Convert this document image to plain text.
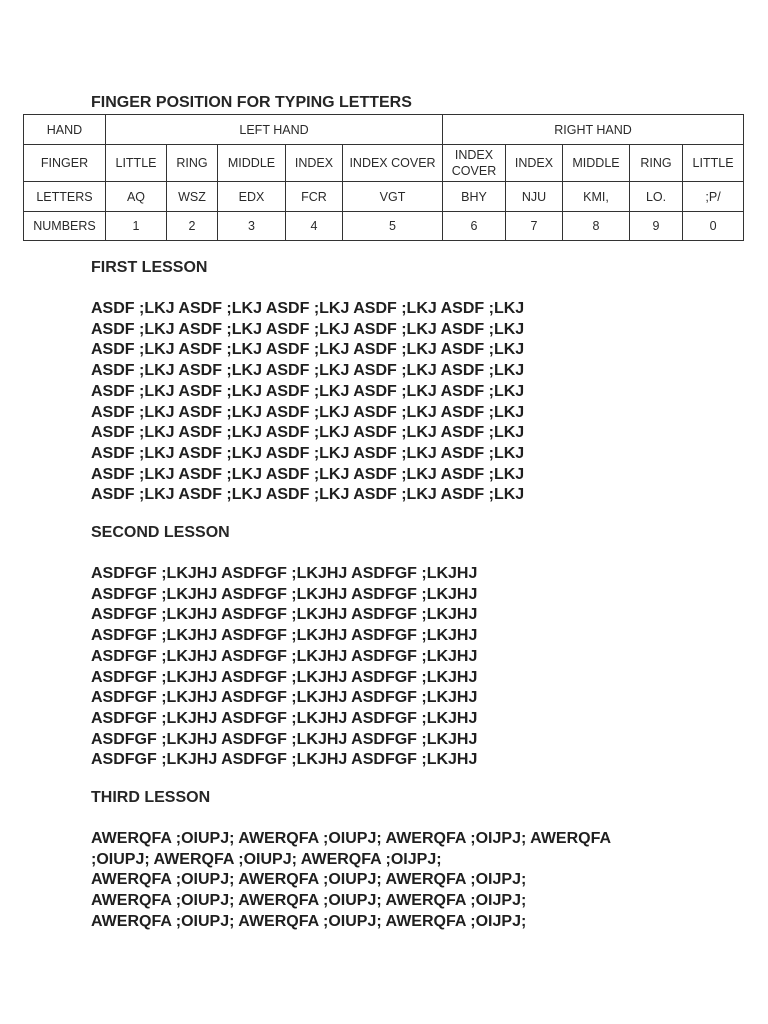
FINGER POSITION FOR TYPING LETTERS
HAND	LEFT HAND					RIGHT HAND				
FINGER	LITTLE	RING	MIDDLE	INDEX	INDEX COVER	INDEX COVER	INDEX	MIDDLE	RING	LITTLE
LETTERS	AQ	WSZ	EDX	FCR	VGT	BHY	NJU	KMI,	LO.	;P/
NUMBERS	1	2	3	4	5	6	7	8	9	0
FIRST LESSON
ASDF ;LKJ ASDF ;LKJ ASDF ;LKJ ASDF ;LKJ ASDF ;LKJ
ASDF ;LKJ ASDF ;LKJ ASDF ;LKJ ASDF ;LKJ ASDF ;LKJ
ASDF ;LKJ ASDF ;LKJ ASDF ;LKJ ASDF ;LKJ ASDF ;LKJ
ASDF ;LKJ ASDF ;LKJ ASDF ;LKJ ASDF ;LKJ ASDF ;LKJ
ASDF ;LKJ ASDF ;LKJ ASDF ;LKJ ASDF ;LKJ ASDF ;LKJ
ASDF ;LKJ ASDF ;LKJ ASDF ;LKJ ASDF ;LKJ ASDF ;LKJ
ASDF ;LKJ ASDF ;LKJ ASDF ;LKJ ASDF ;LKJ ASDF ;LKJ
ASDF ;LKJ ASDF ;LKJ ASDF ;LKJ ASDF ;LKJ ASDF ;LKJ
ASDF ;LKJ ASDF ;LKJ ASDF ;LKJ ASDF ;LKJ ASDF ;LKJ
ASDF ;LKJ ASDF ;LKJ ASDF ;LKJ ASDF ;LKJ ASDF ;LKJ
SECOND LESSON
ASDFGF ;LKJHJ ASDFGF ;LKJHJ ASDFGF ;LKJHJ
ASDFGF ;LKJHJ ASDFGF ;LKJHJ ASDFGF ;LKJHJ
ASDFGF ;LKJHJ ASDFGF ;LKJHJ ASDFGF ;LKJHJ
ASDFGF ;LKJHJ ASDFGF ;LKJHJ ASDFGF ;LKJHJ
ASDFGF ;LKJHJ ASDFGF ;LKJHJ ASDFGF ;LKJHJ
ASDFGF ;LKJHJ ASDFGF ;LKJHJ ASDFGF ;LKJHJ
ASDFGF ;LKJHJ ASDFGF ;LKJHJ ASDFGF ;LKJHJ
ASDFGF ;LKJHJ ASDFGF ;LKJHJ ASDFGF ;LKJHJ
ASDFGF ;LKJHJ ASDFGF ;LKJHJ ASDFGF ;LKJHJ
ASDFGF ;LKJHJ ASDFGF ;LKJHJ ASDFGF ;LKJHJ
THIRD LESSON
AWERQFA ;OIUPJ; AWERQFA ;OIUPJ; AWERQFA ;OIJPJ; AWERQFA
;OIUPJ; AWERQFA ;OIUPJ; AWERQFA ;OIJPJ;
AWERQFA ;OIUPJ; AWERQFA ;OIUPJ; AWERQFA ;OIJPJ;
AWERQFA ;OIUPJ; AWERQFA ;OIUPJ; AWERQFA ;OIJPJ;
AWERQFA ;OIUPJ; AWERQFA ;OIUPJ; AWERQFA ;OIJPJ;
